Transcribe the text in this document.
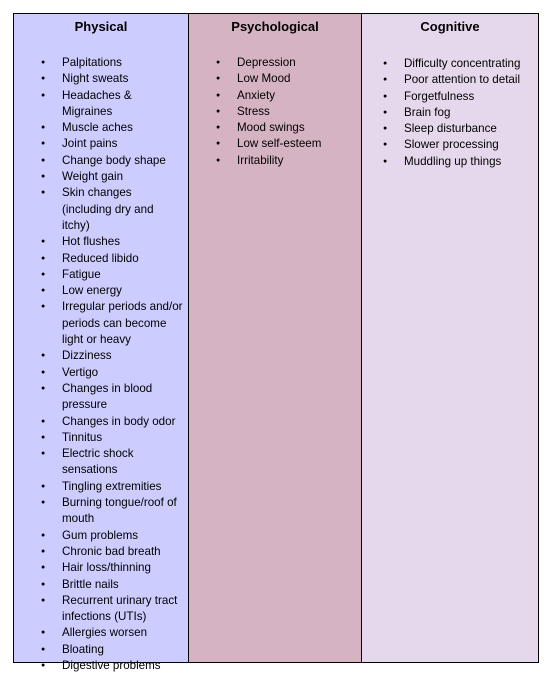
Physical
● Palpitations
● Night sweats
● Headaches & Migraines
● Muscle aches
● Joint pains
● Change body shape
● Weight gain
● Skin changes (including dry and itchy)
● Hot flushes
● Reduced libido
● Fatigue
● Low energy
● Irregular periods and/or periods can become light or heavy
● Dizziness
● Vertigo
● Changes in blood pressure
● Changes in body odor
● Tinnitus
● Electric shock sensations
● Tingling extremities
● Burning tongue/roof of mouth
● Gum problems
● Chronic bad breath
● Hair loss/thinning
● Brittle nails
● Recurrent urinary tract infections (UTIs)
● Allergies worsen
● Bloating
● Digestive problems
Psychological
● Depression
● Low Mood
● Anxiety
● Stress
● Mood swings
● Low self-esteem
● Irritability
Cognitive
● Difficulty concentrating
● Poor attention to detail
● Forgetfulness
● Brain fog
● Sleep disturbance
● Slower processing
● Muddling up things
